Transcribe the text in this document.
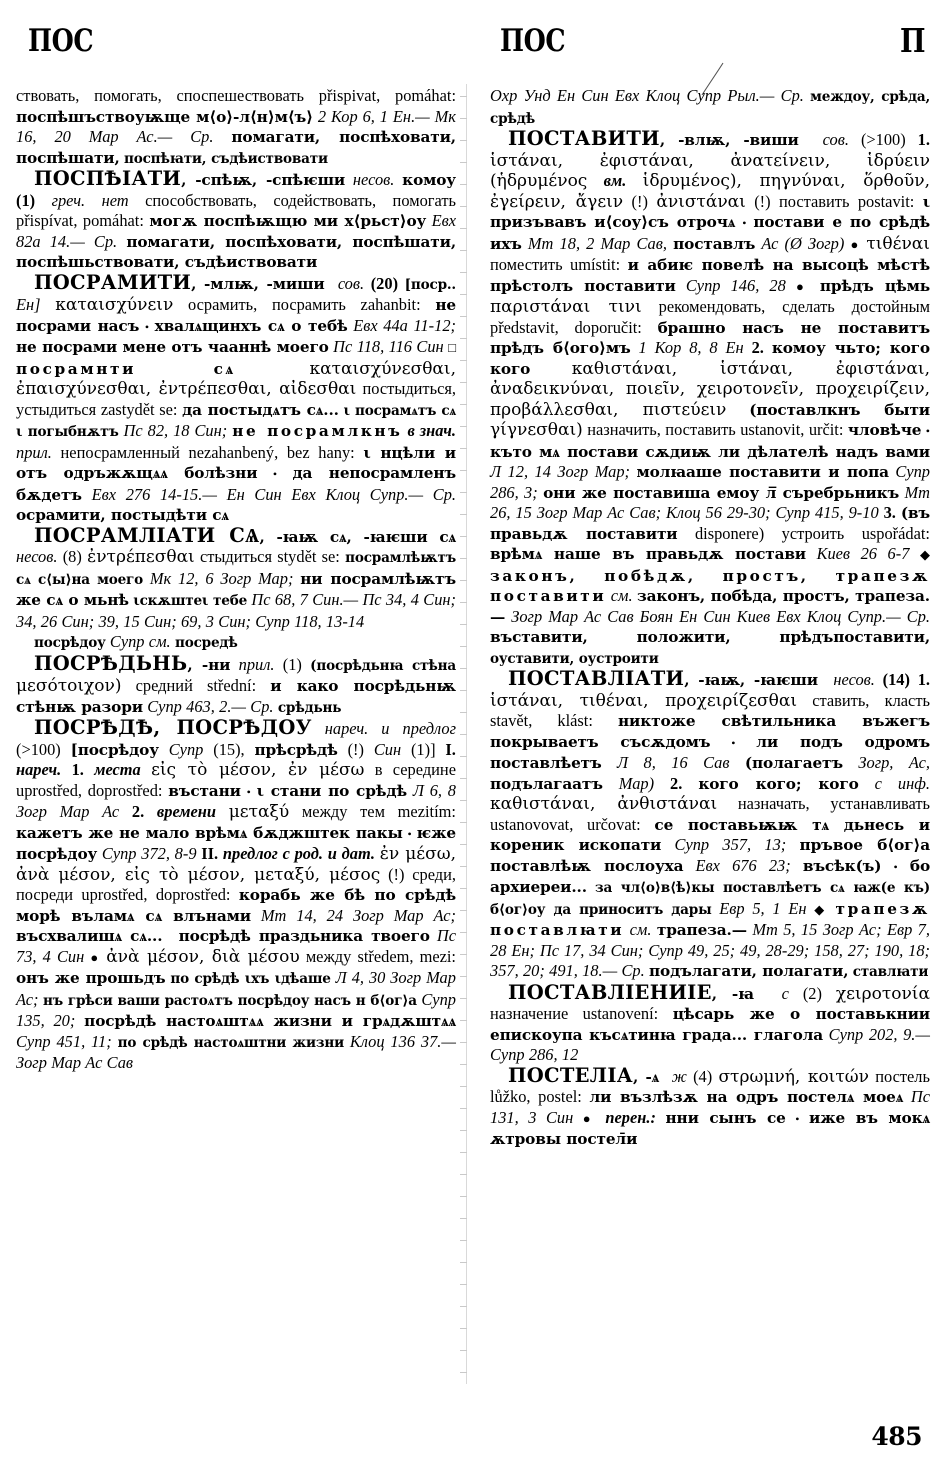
ПОС	ПОС	П

ствовать, помогать, споспешествовать při​spivat, pomáhat: поспѣшъствоуѭще м⟨о⟩-л⟨н⟩м⟨ъ⟩ 2 Кор 6, 1 Ен.— Мк 16, 20 Мар Ас.— Ср. помагати, поспѣховати, поспѣшати, поспѣꙗти, съдѣиствовати

ПОСПѢIАТИ, -спѣѭ, -спѣѥши несов. комоу (1) греч. нет способствовать, содействовать, помогать přispívat, pomáhat: могѫ поспѣѭщю ми х⟨рьст⟩оу Евх 82а 14.— Ср. помагати, поспѣховати, поспѣшати, поспѣшьствовати, съ​дѣиствовати

ПОСРАМИТИ, -млѭ, -миши сов. (20) [поср.. Ен] καταισχύνειν осрамить, посрамить zahanbit: не посрами насъ • хвалѧщинхъ сѧ о тебѣ Евх 44а 11-12; не посрами мене отъ чааннѣ моего Пс 118, 116 Син □ посра​мнти сѧ	καταισχύνεσθαι, ἐπαισχύνεσθαι, ἐντρέπεσθαι, αἰδεσθαι постыдиться, устыдиться zastydět se: да постыдѧтъ сѧ... ι посрамѧтъ сѧ ι погыбнѫтъ Пс 82, 18 Син; не посрамлкнъ в знач. прил. непосрамленный nezahanbený, bez hany: ι нцѣли и отъ одръжѫщѧѧ болѣзни • да непосрам​ленъ бѫдетъ Евх 276 14-15.— Ен Син Евх Клоц Супр.— Ср. осрамити, постыдѣти сѧ

ПОСРАМЛIАТИ СѦ, -ꙗѭ сѧ, -ꙗѥши сѧ несов. (8) ἐντρέπεσθαι стыдиться stydět se: посрамлѣѭтъ сѧ с⟨ы⟩на моего Мк 12, 6 Зогр Мар; ни посрамлѣѭтъ же сѧ о мьнѣ ιскѫштеι тебе Пс 68, 7 Син.— Пс 34, 4 Син; 34, 26 Син; 39, 15 Син; 69, 3 Син; Супр 118, 13-14

посрѣдоу Супр см. посредѣ

ПОСРѢДЬНЬ, -ни прил. (1) (посрѣдьнꙗ стѣна μεσότοιχον) средний střední: и како посрѣдьнѭ стѣнѭ разори Супр 463, 2.— Ср. срѣдьнь

ПОСРѢДѢ, ПОСРѢДОУ нареч. и предлог (>100) [посрѣдоу Супр (15), прѣсрѣдѣ (!) Син (1)] I. нареч. 1. места εἰς τὸ μέσον, ἐν μέσω в середине uprostřed, doprostřed: въстани • ι стани по срѣдѣ Л 6, 8 Зогр Мар Ас 2. времени μεταξύ между тем mezitím: кажетъ же не мало врѣмѧ бѫджштек пакы • ѥже посрѣдоу Супр 372, 8-9 II. предлог с род. и дат. ἐν μέσω, ἀνὰ μέσον, εἰς τὸ μέσον, μεταξύ, μέσος (!) среди, посреди uprostřed, doprostřed: корабь же бѣ по срѣдѣ морѣ въламѧ сѧ влънами Мт 14, 24 Зогр Мар Ас; въсхвалишѧ сѧ...  посрѣдѣ праздьника твоего Пс 73, 4 Син ● ἀνὰ μέσον, διὰ μέσου между středem, mezi: онъ же прошьдъ по срѣдѣ ιхъ ιдѣаше Л 4, 30 Зогр Мар Ас; нъ грѣси ваши растоѧтъ посрѣдоу насъ н б⟨ог⟩а Супр 135, 20; посрѣдѣ настоѧштѧѧ жизни и грѧдѫштѧѧ Супр 451, 11; по срѣдѣ настоѧ​штни жизни Клоц 136 37.— Зогр Мар Ас Сав

Охр Унд Ен Син Евх Клоц Супр Рыл.— Ср. междоу, срѣда, срѣдѣ

ПОСТАВИТИ, -влѭ, -виши сов. (>100) 1. ἱστάναι, ἐφιστάναι, ἀνατείνειν, ἱδρύειν (ἡδρυμένος вм. ἱδρυμένος), πηγνύναι, ὅρθοῦν, ἐγείρειν, ἄγειν (!) ἀνιστάναι (!) поставить postavit: ι призъвавъ и⟨соу⟩съ отрочѧ • постави е по срѣдѣ ихъ Мт 18, 2 Мар Сав, поставлъ Ас (Ø Зогр) ● τιθέναι поместить umístit: и абиѥ повелѣ на высоцѣ мѣстѣ прѣстолъ поставити Супр 146, 28 ● прѣдъ цѣмь παριστάναι τινι рекомендовать, сделать достойным představit, doporučit: брашно насъ не поставитъ прѣдъ б⟨ого⟩мъ 1 Кор 8, 8 Ен 2. комоу чьто; кого кого καθιστά​ναι, ἱστάναι, ἐφιστάναι, ἀναδεικνύναι, ποιεῖν, χειροτονεῖν, προχειρίζειν, προβάλλεσθαι, πιστεύειν (поставлкнъ быти γίγνεσθαι) назначить, поставить ustanovit, určit: чловѣче • къто мѧ постави сѫдиѭ ли дѣлателѣ надъ вами Л 12, 14 Зогр Мар; молꙗаше поставити и попа Супр 286, 3; они же поставиша емоу л̅ съребрьникъ Мт 26, 15 Зогр Мар Ас Сав; Клоц 56 29-30; Супр 415, 9-10 3. (въ правьдѫ поставити disponere) устроить uspořádat: врѣмѧ наше въ правьдѫ постави Киев 26 6-7 ◆ законъ, побѣдѫ, простъ, трапезѫ поставити см. за​конъ, побѣда, простъ, трапеза.— Зогр Мар Ас Сав Боян Ен Син Киев Евх Клоц Супр.— Ср. въставити, положити, прѣдъпоставити, оуставити, оустроити

ПОСТАВЛIАТИ, -ꙗѭ, -ꙗѥши несов. (14) 1. ἱστάναι, τιθέναι, προχειρίζεσθαι ставить, класть stavět, klást: никтоже свѣтильника въжегъ покрываетъ съсѫдомъ •	ли подъ одромъ поставлѣетъ Л 8, 16 Сав (полагаетъ Зогр, Ас, подълагаатъ Мар) 2. кого кого; кого с инф. καθιστάναι, ἀνθιστάναι назначать, устанавливать ustanovovat, určovat: се поставьѭѭ тѧ дьнесь и кореник ископати Супр 357, 13; пръвое б⟨ог⟩а поставлѣѭ послоуха Евх 676 23; въсѣк(ъ) • бо архиереи... за чл⟨о⟩в⟨ѣ⟩кы поставлѣетъ сѧ ꙗж(е къ) б⟨ог⟩оу да приноситъ дары Евр 5, 1 Ен ◆ трапезѫ поставлꙗти см. трапеза.— Мт 5, 15 Зогр Ас; Евр 7, 28 Ен; Пс 17, 34 Син; Супр 49, 25; 49, 28-29; 158, 27; 190, 18; 357, 20; 491, 18.— Ср. подълагати, полагати, ставлꙗти

ПОСТАВЛIЕНИІЕ, -ꙗ с (2) χειροτονία назначение ustanovení: цѣсарь же о поставькнии епискоупа късѧтинꙗ града... глагола Супр 202, 9.— Супр 286, 12

ПОСТЕЛIА, -ѧ ж (4) στρωμνή, κοιτών постель lůžko, postel: ли възлѣзѫ на одръ постелѧ моеѧ Пс 131, 3 Син ● перен.: нни сынъ се • иже въ мокѧ ѫтровы постел̄и

485
